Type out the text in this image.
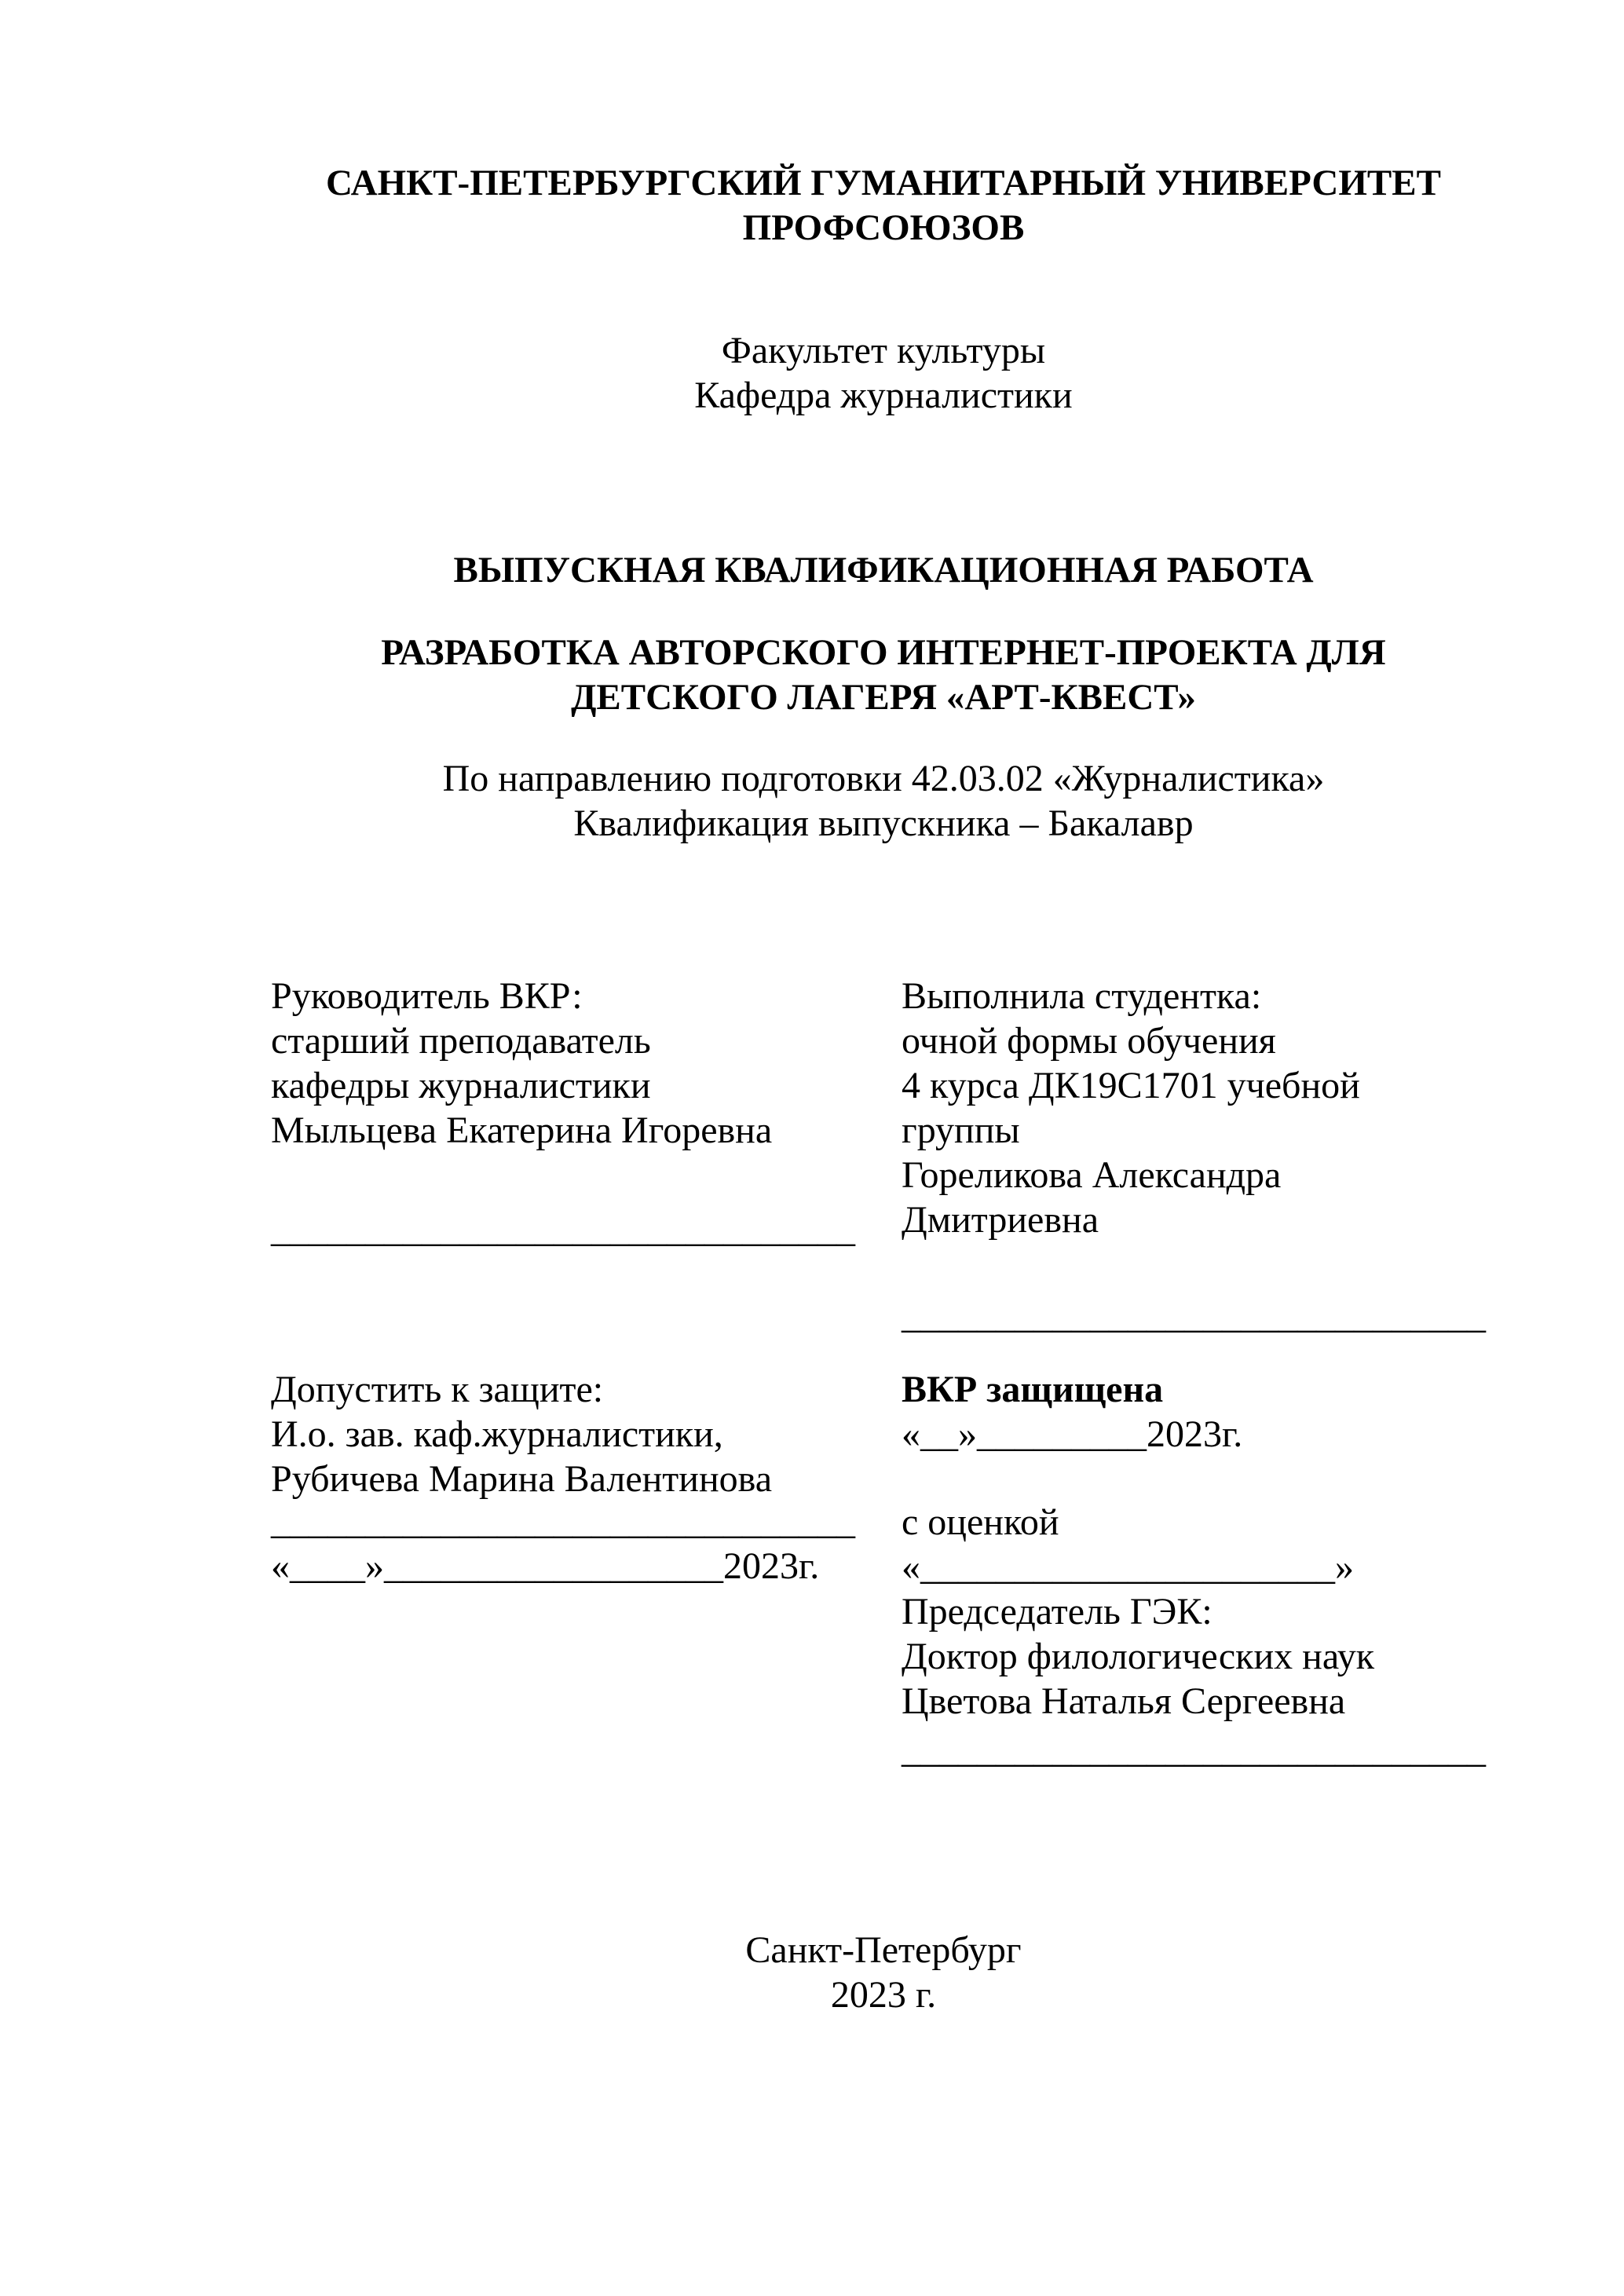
САНКТ-ПЕТЕРБУРГСКИЙ ГУМАНИТАРНЫЙ УНИВЕРСИТЕТ
ПРОФСОЮЗОВ
Факультет культуры
Кафедра журналистики
ВЫПУСКНАЯ КВАЛИФИКАЦИОННАЯ РАБОТА
РАЗРАБОТКА АВТОРСКОГО ИНТЕРНЕТ-ПРОЕКТА ДЛЯ
ДЕТСКОГО ЛАГЕРЯ «АРТ-КВЕСТ»
По направлению подготовки 42.03.02 «Журналистика»
Квалификация выпускника – Бакалавр
Руководитель ВКР:
старший преподаватель
кафедры журналистики
Мыльцева Екатерина Игоревна
Выполнила студентка:
очной формы обучения
4 курса ДК19С1701 учебной
группы
Гореликова Александра
Дмитриевна
_______________________________
_______________________________
Допустить к защите:
И.о. зав. каф.журналистики,
Рубичева Марина Валентинова
_______________________________
«____»__________________2023г.
ВКР защищена
«__»_________2023г.
с оценкой
«______________________»
Председатель ГЭК:
Доктор филологических наук
Цветова Наталья Сергеевна
_______________________________
Санкт-Петербург
2023 г.
